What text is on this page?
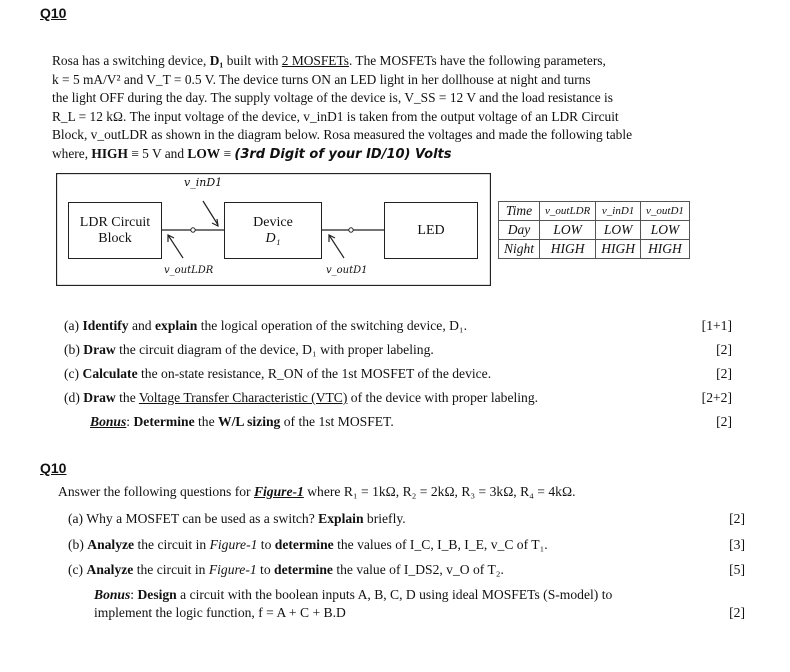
Q10
Rosa has a switching device, D₁ built with 2 MOSFETs. The MOSFETs have the following parameters,
k = 5 mA/V² and V_T = 0.5 V. The device turns ON an LED light in her dollhouse at night and turns
the light OFF during the day. The supply voltage of the device is, V_SS = 12 V and the load resistance is
R_L = 12 kΩ. The input voltage of the device, v_inD1 is taken from the output voltage of an LDR Circuit
Block, v_outLDR as shown in the diagram below. Rosa measured the voltages and made the following table
where, HIGH ≡ 5 V and LOW ≡ (3rd Digit of your ID/10) Volts
LDR Circuit Block
Device
D₁
LED
v_inD1
v_outLDR	v_outD1
Time	v_outLDR	v_inD1	v_outD1
Day	LOW	LOW	LOW
Night	HIGH	HIGH	HIGH
(a) Identify and explain the logical operation of the switching device, D₁.	[1+1]
(b) Draw the circuit diagram of the device, D₁ with proper labeling.	[2]
(c) Calculate the on-state resistance, R_ON of the 1st MOSFET of the device.	[2]
(d) Draw the Voltage Transfer Characteristic (VTC) of the device with proper labeling.	[2+2]
Bonus: Determine the W/L sizing of the 1st MOSFET.	[2]
Q10
Answer the following questions for Figure-1 where R₁ = 1kΩ, R₂ = 2kΩ, R₃ = 3kΩ, R₄ = 4kΩ.
(a) Why a MOSFET can be used as a switch? Explain briefly.	[2]
(b) Analyze the circuit in Figure-1 to determine the values of I_C, I_B, I_E, v_C of T₁.	[3]
(c) Analyze the circuit in Figure-1 to determine the value of I_DS2, v_O of T₂.	[5]
Bonus: Design a circuit with the boolean inputs A, B, C, D using ideal MOSFETs (S-model) to
implement the logic function, f = A + C + B.D	[2]
